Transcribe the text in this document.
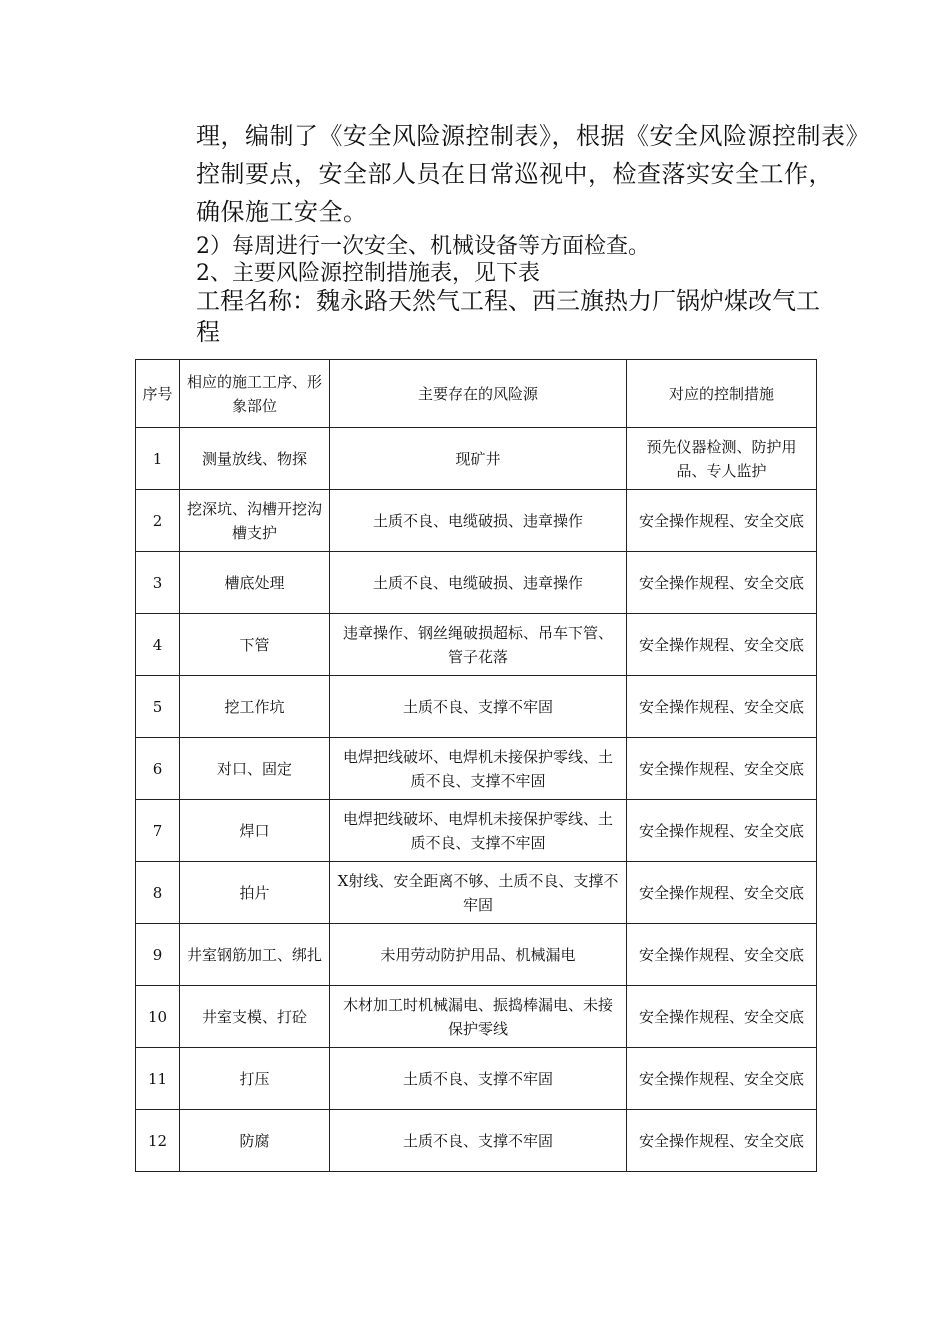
理，编制了《安全风险源控制表》，根据《安全风险源控制表》
控制要点，安全部人员在日常巡视中，检查落实安全工作，
确保施工安全。
2）每周进行一次安全、机械设备等方面检查。
2、主要风险源控制措施表，见下表
工程名称：魏永路天然气工程、西三旗热力厂锅炉煤改气工程
序号	相应的施工工序、形象部位	主要存在的风险源	对应的控制措施
1	测量放线、物探	现矿井	预先仪器检测、防护用品、专人监护
2	挖深坑、沟槽开挖沟槽支护	土质不良、电缆破损、违章操作	安全操作规程、安全交底
3	槽底处理	土质不良、电缆破损、违章操作	安全操作规程、安全交底
4	下管	违章操作、钢丝绳破损超标、吊车下管、管子花落	安全操作规程、安全交底
5	挖工作坑	土质不良、支撑不牢固	安全操作规程、安全交底
6	对口、固定	电焊把线破坏、电焊机未接保护零线、土质不良、支撑不牢固	安全操作规程、安全交底
7	焊口	电焊把线破坏、电焊机未接保护零线、土质不良、支撑不牢固	安全操作规程、安全交底
8	拍片	X射线、安全距离不够、土质不良、支撑不牢固	安全操作规程、安全交底
9	井室钢筋加工、绑扎	未用劳动防护用品、机械漏电	安全操作规程、安全交底
10	井室支模、打砼	木材加工时机械漏电、振捣棒漏电、未接保护零线	安全操作规程、安全交底
11	打压	土质不良、支撑不牢固	安全操作规程、安全交底
12	防腐	土质不良、支撑不牢固	安全操作规程、安全交底
